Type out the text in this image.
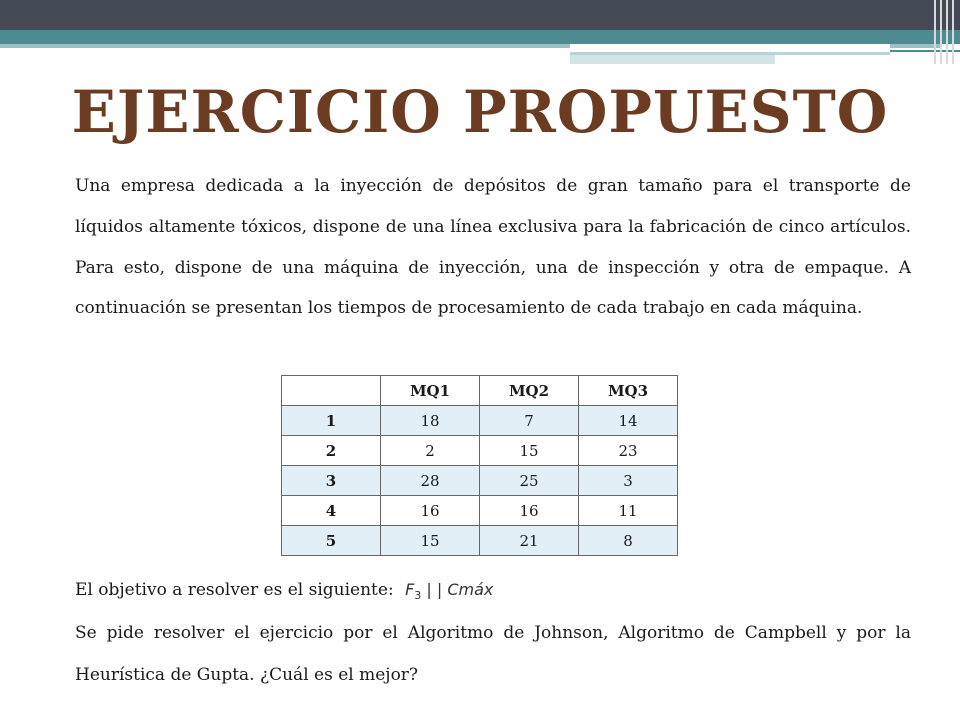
EJERCICIO PROPUESTO
Una empresa dedicada a la inyección de depósitos de gran tamaño para el transporte de líquidos altamente tóxicos, dispone de una línea exclusiva para la fabricación de cinco artículos. Para esto, dispone de una máquina de inyección, una de inspección y otra de empaque. A continuación se presentan los tiempos de procesamiento de cada trabajo en cada máquina.
	MQ1	MQ2	MQ3
1	18	7	14
2	2	15	23
3	28	25	3
4	16	16	11
5	15	21	8
El objetivo a resolver es el siguiente: $F_3$ | | Cmáx
Se pide resolver el ejercicio por el Algoritmo de Johnson, Algoritmo de Campbell y por la Heurística de Gupta. ¿Cuál es el mejor?
